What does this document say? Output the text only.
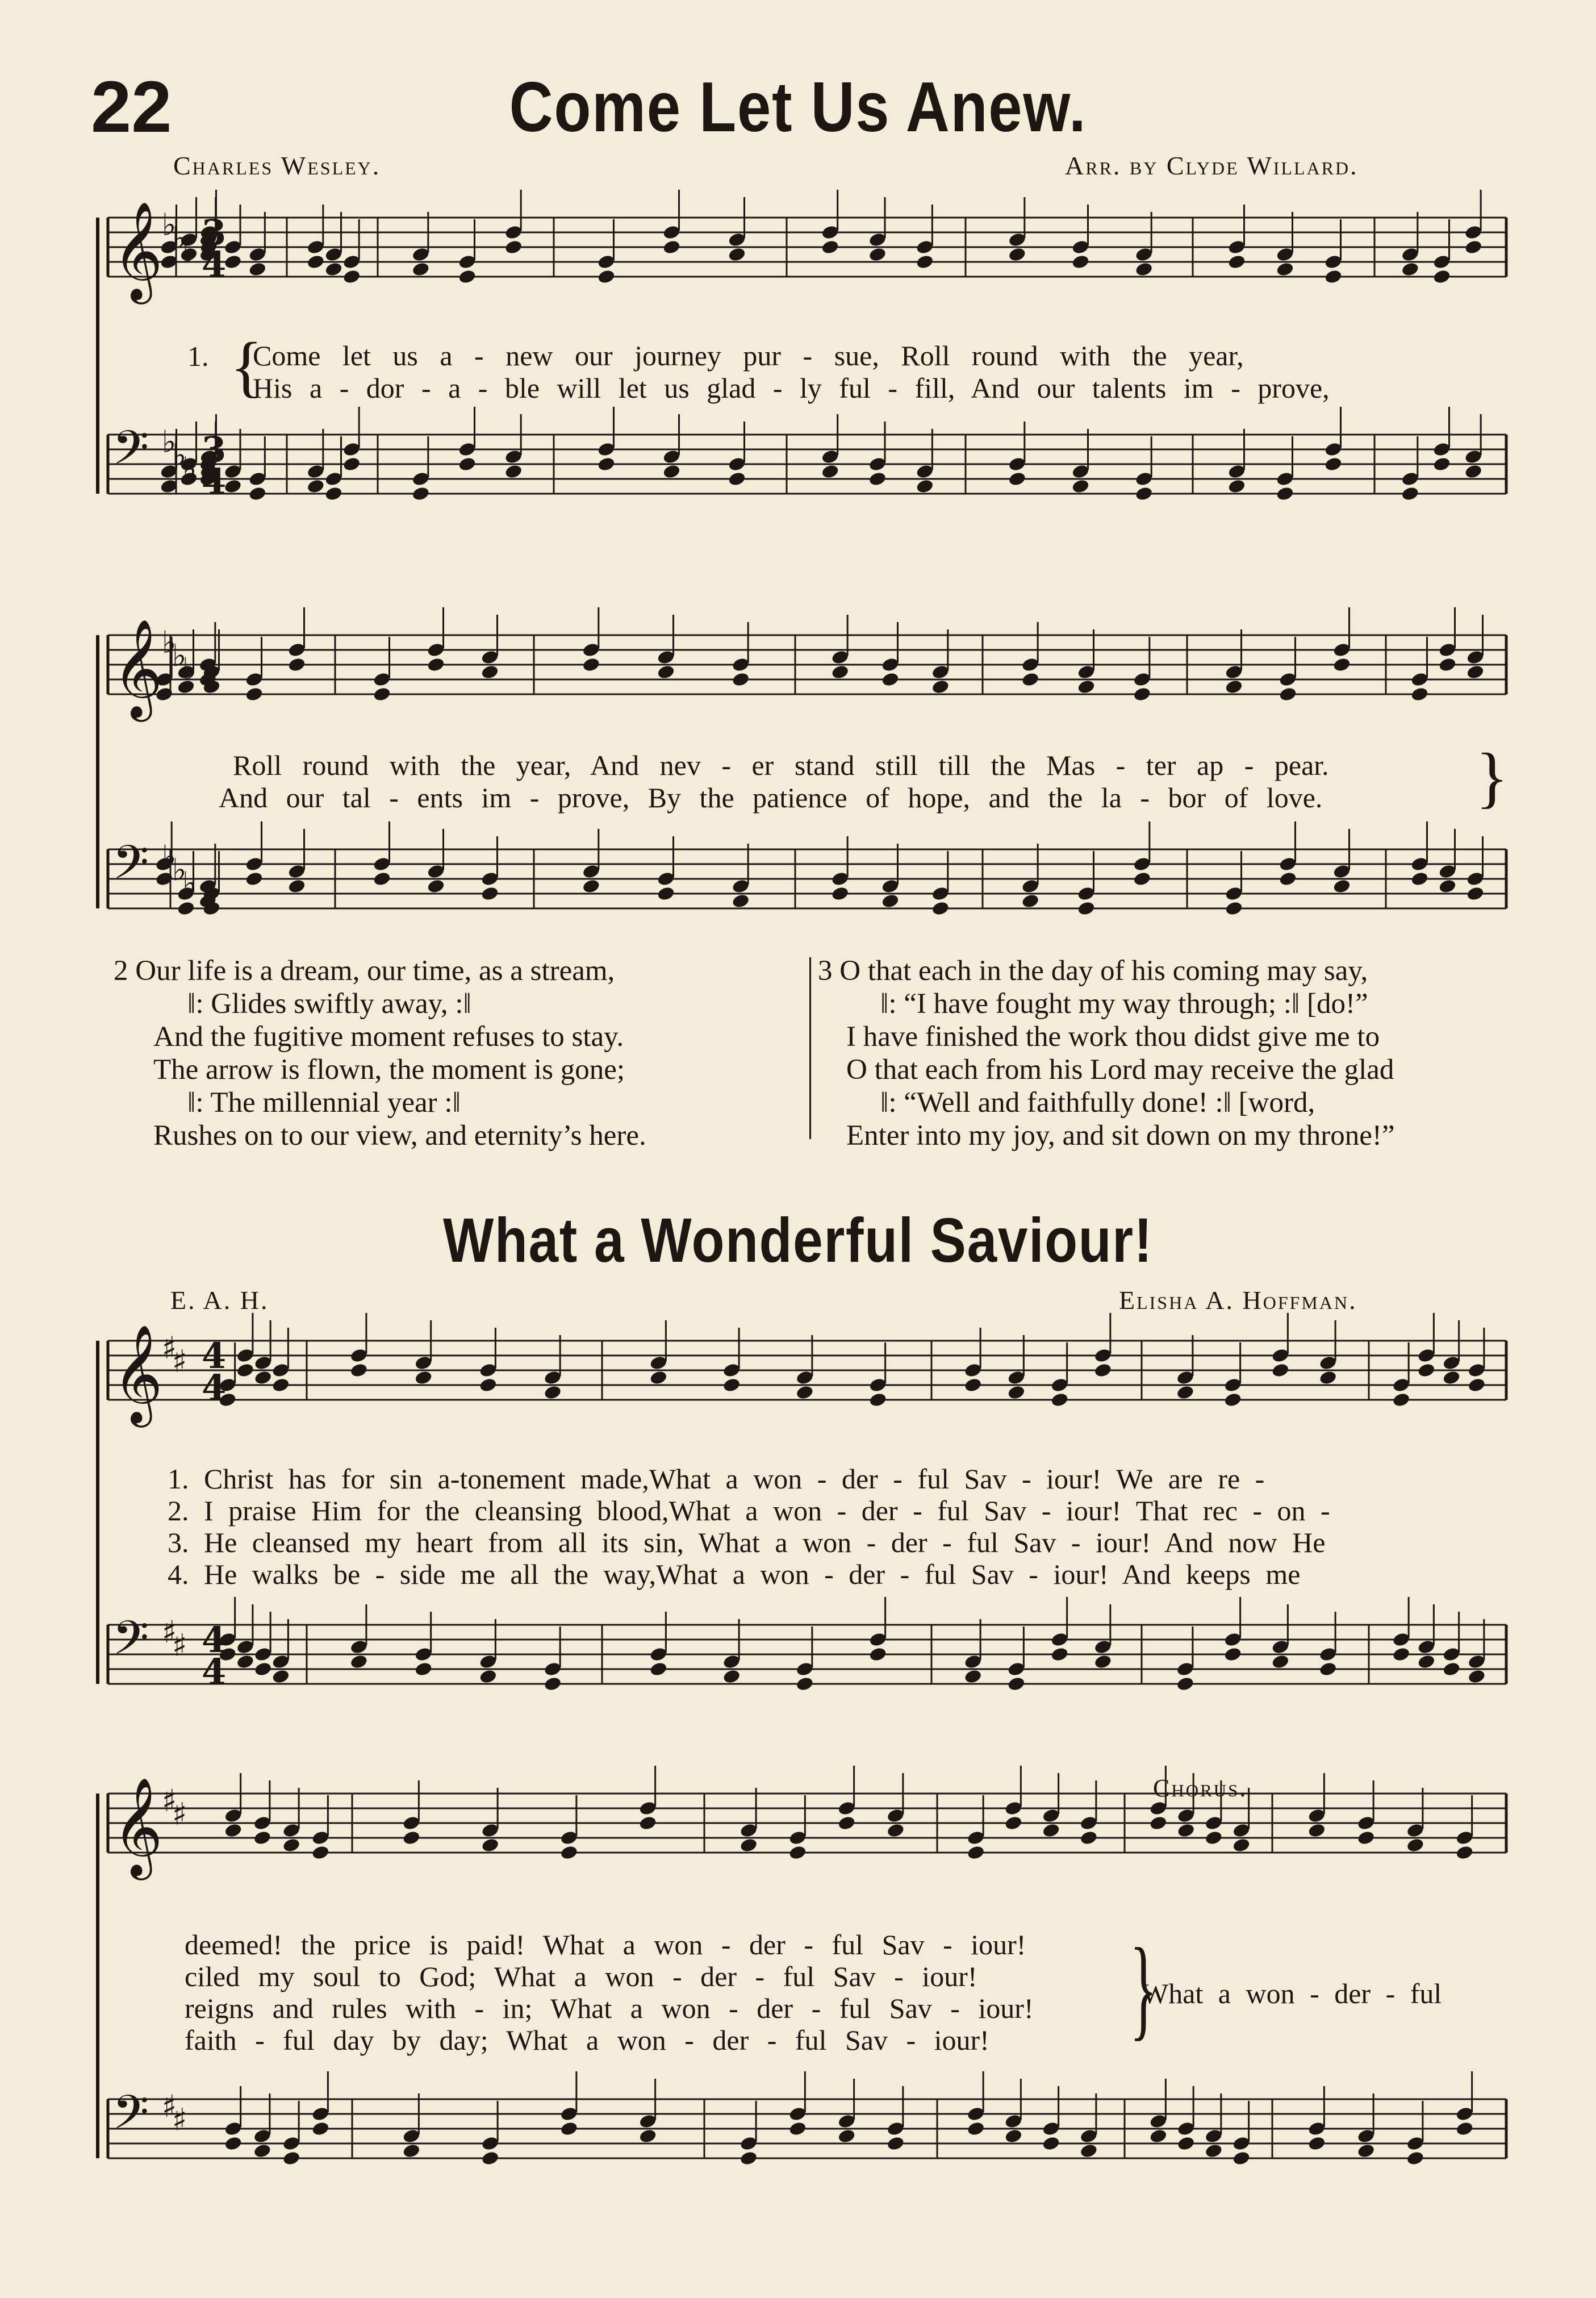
22	Come Let Us Anew.
Charles Wesley.	Arr. by Clyde Willard.
𝄞
♭
♭
♭ 3
4
𝄢 ♭
♭
♭ 3
4
𝄞
♭
♭
♭
𝄢 ♭
♭
♭
𝄞
♯
♯ 4
4
𝄢 ♯
♯ 4
4
𝄞
♯
♯
𝄢 ♯
♯
1. {
Come let us a - new our journey pur - sue, Roll round with the year,
His a - dor - a - ble will let us glad - ly ful - fill, And our talents im - prove,
Roll round with the year, And nev - er stand still till the Mas - ter ap - pear.
And our tal - ents im - prove, By the patience of hope, and the la - bor of love. }
2 Our life is a dream, our time, as a stream,
‖: Glides swiftly away, :‖
And the fugitive moment refuses to stay.
The arrow is flown, the moment is gone;
‖: The millennial year :‖
Rushes on to our view, and eternity’s here.
3 O that each in the day of his coming may say,
‖: “I have fought my way through; :‖ [do!”
I have finished the work thou didst give me to
O that each from his Lord may receive the glad
‖: “Well and faithfully done! :‖ [word,
Enter into my joy, and sit down on my throne!”
What a Wonderful Saviour!
E. A. H.	Elisha A. Hoffman.
1. Christ has for sin a-tonement made,What a won - der - ful Sav - iour! We are re -
2. I praise Him for the cleansing blood,What a won - der - ful Sav - iour! That rec - on -
3. He cleansed my heart from all its sin, What a won - der - ful Sav - iour! And now He
4. He walks be - side me all the way,What a won - der - ful Sav - iour! And keeps me
Chorus.
deemed! the price is paid! What a won - der - ful Sav - iour!
ciled my soul to God; What a won - der - ful Sav - iour!
reigns and rules with - in; What a won - der - ful Sav - iour!
faith - ful day by day; What a won - der - ful Sav - iour!	}
What a won - der - ful
